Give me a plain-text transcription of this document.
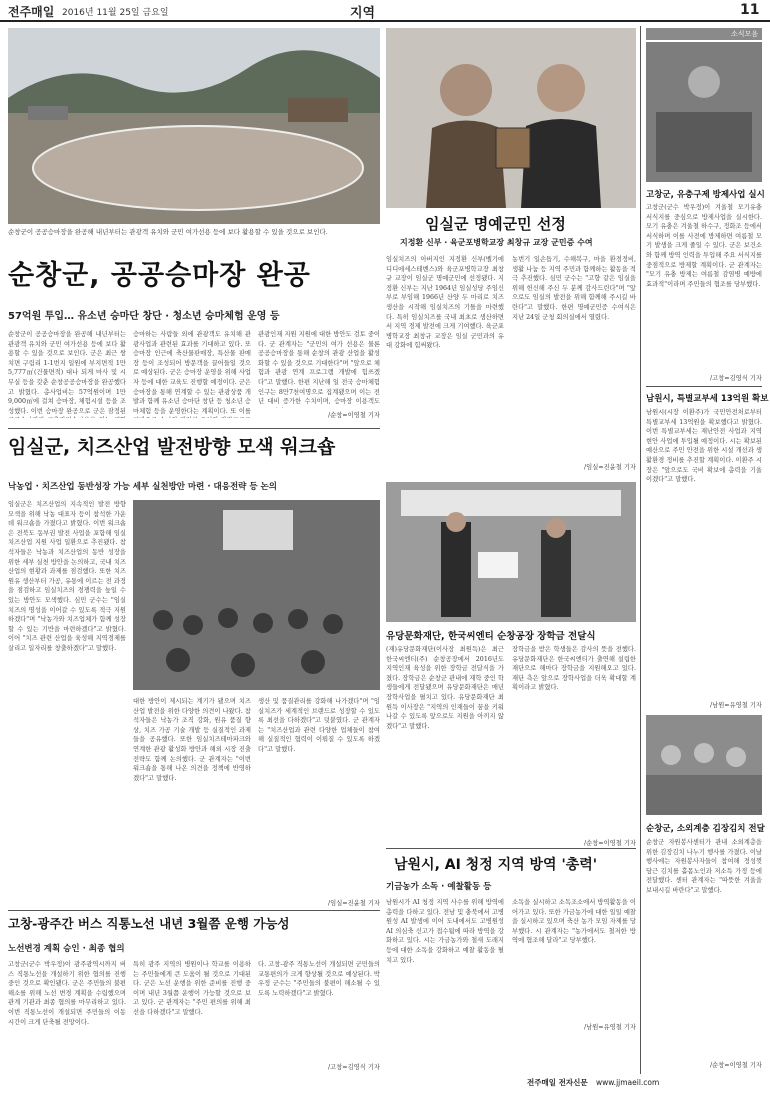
전주매일 2016년 11월 25일 금요일	지역	11
순창군이 공공승마장을 완공해 내년부터는 관광객 유치와 군민 여가선용 등에 보다 활용할 수 있을 것으로 보인다.
순창군, 공공승마장 완공
57억원 투입… 유소년 승마단 창단 · 청소년 승마체험 운영 등
순창군이 공공승마장을 완공해 내년부터는 관광객 유치와 군민 여가선용 등에 보다 활용할 수 있을 것으로 보인다. 군은 최근 쌍치면 구림리 1-1번지 일원에 부지면적 1만5,777㎡(건물면적) 대나 되게 마사 및 시무실 등을 갖춘 순창공공승마장을 완공했다고 밝혔다. 총사업비는 57억원이며 1만9,000㎡에 걸쳐 승마장, 체험시설 등을 조성했다. 이번 승마장 완공으로 군은 잠정된
승마하는 사람들 외에 관광객도 유치해 관광사업과 관련된 효과를 기대하고 있다. 또 승마장 인근에 축산물판매장, 특산물 판매장 등이 조성되어 방문객을 끌어들일 것으로 예상된다. 군은 승마장 운영을 위해 사업자 등에 대한 교육도 진행할 예정이다. 군은 승마장을 통해 연계할 수 있는 관광상품 개발과 함께 유소년 승마단 창단 등 청소년 승마체험 등을 운영한다는 계획이다. 또 이를
관광인재 지원 지원에 대한 방안도 검토 중이다. 군 관계자는 "군민의 여가 선용은 물론 공공승마장을 통해 순창의 관광 산업을 활성화할 수 있을 것으로 기대한다"며 "앞으로 체험과 관광 연계 프로그램 개발에 힘쓰겠다"고 말했다. 한편 지난해 일 전국 승마체험 인구는 8만7천여명으로 집계됐으며 이는 전년 대비 증가한 수치이며, 승마장 이용객도
/순창=이영철 기자
임실군 명예군민 선정
지정환 신부 · 육군포병학교장 최창규 교장 군민증 수여
임실치즈의 아버지인 지정환 신부(벨기에 디디에세스테벤스)와 육군포병학교장 최창규 교장이 임실군 명예군민에 선정됐다. 지정환 신부는 지난 1964년 임실성당 주임신부로 부임해 1966년 산양 두 마리로 치즈 생산을 시작해 임실치즈의 기틀을 마련했다. 특히 임실치즈를 국내 최초로 생산하면서 지역 경제 발전에 크게 기여했다. 육군포병학교장 최창규 교장은 임실 군민과의 유대 강화에 힘써왔다.
농번기 일손돕기, 수해복구, 마을 환경정비, 생활 나눔 등 지역 주민과 함께하는 활동을 적극 추진했다. 심민 군수는 "고향 같은 임실을 위해 헌신해 주신 두 분께 감사드린다"며 "앞으로도 임실의 발전을 위해 함께해 주시길 바란다"고 말했다. 한편 명예군민증 수여식은 지난 24일 군청 회의실에서 열렸다.
/임실=진윤철 기자
임실군, 치즈산업 발전방향 모색 워크숍
낙농업 · 치즈산업 동반성장 가능 세부 실천방안 마련 · 대응전략 등 논의
임실군은 치즈산업의 지속적인 발전 방향 모색을 위해 낙농 대표자 등이 참석한 가운데 워크숍을 가졌다고 밝혔다. 이번 워크숍은 전북도 동부권 발전 사업을 포함해 임실치즈산업 지원 사업 일환으로 추진됐다. 참석자들은 낙농과 치즈산업의 동반 성장을 위한 세부 실천 방안을 논의하고, 국내 치즈산업의 현황과 과제를 점검했다. 또한 치즈원유 생산부터 가공, 유통에 이르는 전 과정을 점검하고 임실치즈의 경쟁력을 높일 수 있는 방안도 모색했다. 심민 군수는 "임실치즈의 명성을 이어갈 수 있도록 적극 지원하겠다"며 "낙농가와 치즈업체가 함께 성장할 수 있는 기반을 마련하겠다"고 밝혔다. 이어 "치즈 관련 산업을 육성해 지역경제를 살리고 일자리를 창출하겠다"고 말했다.
대한 방안이 제시되는 계기가 됐으며 치즈산업 발전을 위한 다양한 의견이 나왔다. 참석자들은 낙농가 조직 강화, 원유 품질 향상, 치즈 가공 기술 개발 등 실질적인 과제들을 공유했다. 또한 임실치즈테마파크와 연계한 관광 활성화 방안과 해외 시장 진출 전략도 함께 논의했다. 군 관계자는 "이번 워크숍을 통해 나온 의견을 정책에 반영하겠다"고 말했다.
생산 및 품질관리를 강화해 나가겠다"며 "임실치즈가 세계적인 브랜드로 성장할 수 있도록 최선을 다하겠다"고 덧붙였다. 군 관계자는 "치즈산업과 관련 다양한 업체들이 참여해 실질적인 협력이 이뤄질 수 있도록 하겠다"고 말했다.
/임실=진윤철 기자
고창-광주간 버스 직통노선 내년 3월쯤 운행 가능성
노선변경 계획 승인 · 최종 협의
고창군(군수 박우정)이 광주광역시까지 버스 직통노선을 개설하기 위한 협의를 진행 중인 것으로 확인됐다. 군은 주민들의 불편 해소를 위해 노선 변경 계획을 수립했으며 관계 기관과 최종 협의를 마무리하고 있다. 이번 직통노선이 개설되면 주민들의 이동 시간이 크게 단축될 전망이다.
특히 광주 지역의 병원이나 학교를 이용하는 주민들에게 큰 도움이 될 것으로 기대된다. 군은 노선 운행을 위한 준비를 진행 중이며 내년 3월쯤 운행이 가능할 것으로 보고 있다. 군 관계자는 "주민 편의를 위해 최선을 다하겠다"고 말했다.
다. 고창-광주 직통노선이 개설되면 군민들의 교통편의가 크게 향상될 것으로 예상된다. 박우정 군수는 "주민들의 불편이 해소될 수 있도록 노력하겠다"고 밝혔다.
/고창=김영식 기자
유당문화재단, 한국씨엔티 순창공장 장학금 전달식
(재)유당문화재단(이사장 최원득)은 최근 한국씨엔티(주) 순창공장에서 2016년도 지역인재 육성을 위한 장학금 전달식을 가졌다. 장학금은 순창군 관내에 재학 중인 학생들에게 전달됐으며 유당문화재단은 매년 장학사업을 펼치고 있다. 유당문화재단 최원득 이사장은 "지역의 인재들이 꿈을 키워나갈 수 있도록 앞으로도 지원을 아끼지 않겠다"고 말했다.
장학금을 받은 학생들은 감사의 뜻을 전했다. 유당문화재단은 한국씨엔티가 출연해 설립한 재단으로 해마다 장학금을 지원해오고 있다. 재단 측은 앞으로 장학사업을 더욱 확대할 계획이라고 밝혔다.
/순창=이영철 기자
남원시, AI 청정 지역 방역 '총력'
기금농가 소독 · 예찰활동 등
남원시가 AI 청정 지역 사수를 위해 방역에 총력을 다하고 있다. 전남 및 충북에서 고병원성 AI 발생에 이어 도내에서도 고병원성 AI 의심축 신고가 접수됨에 따라 방역을 강화하고 있다. 시는 가금농가와 철새 도래지 등에 대한 소독을 강화하고 예찰 활동을 펼치고 있다.
소독을 실시하고 소독조소에서 방역활동을 이어가고 있다. 또한 가금농가에 대한 일일 예찰을 실시하고 있으며 축산 농가 모임 자제를 당부했다. 시 관계자는 "농가에서도 철저한 방역에 협조해 달라"고 당부했다.
/남원=유영철 기자
소식모음
고창군, 유충구제 방제사업 실시
고창군(군수 박우정)이 겨울철 모기유충 서식지를 중심으로 방제사업을 실시한다. 모기 유충은 겨울철 하수구, 정화조 등에서 서식하며 이를 사전에 방제하면 여름철 모기 발생을 크게 줄일 수 있다. 군은 보건소와 함께 방역 인력을 투입해 주요 서식지를 중점적으로 방제할 계획이다. 군 관계자는 "모기 유충 방제는 여름철 감염병 예방에 효과적"이라며 주민들의 협조를 당부했다.
/고창=김영식 기자
남원시, 특별교부세 13억원 확보
남원시(시장 이환주)가 국민안전처로부터 특별교부세 13억원을 확보했다고 밝혔다. 이번 특별교부세는 재난안전 사업과 지역현안 사업에 투입될 예정이다. 시는 확보된 예산으로 주민 안전을 위한 시설 개선과 생활환경 정비를 추진할 계획이다. 이환주 시장은 "앞으로도 국비 확보에 총력을 기울이겠다"고 말했다.
/남원=유영철 기자
순창군, 소외계층 김장김치 전달
순창군 자원봉사센터가 관내 소외계층을 위한 김장김치 나누기 행사를 가졌다. 이날 행사에는 자원봉사자들이 참여해 정성껏 담근 김치를 홀몸노인과 저소득 가정 등에 전달했다. 센터 관계자는 "따뜻한 겨울을 보내시길 바란다"고 말했다.
/순창=이영철 기자
전주매일 전자신문 www.jjmaeil.com
